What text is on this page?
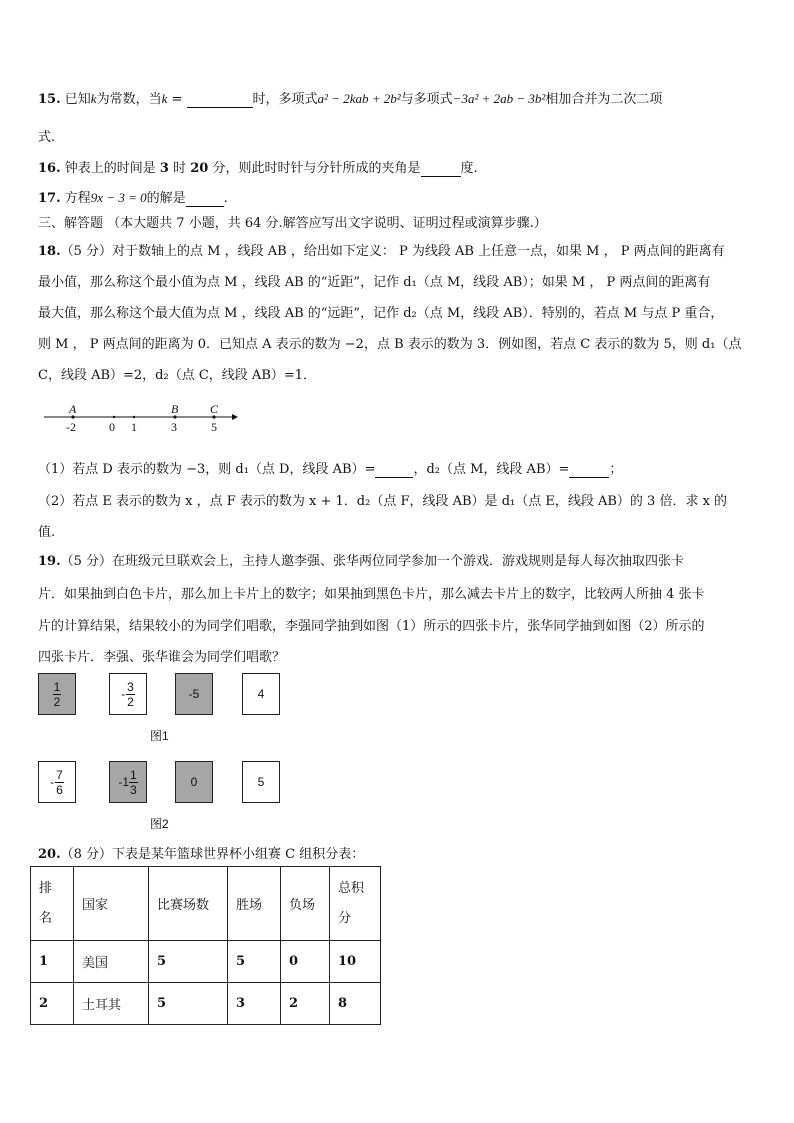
15. 已知k为常数，当k =	时，多项式a² − 2kab + 2b²与多项式−3a² + 2ab − 3b²相加合并为二次二项
式.
16. 钟表上的时间是 3 时 20 分，则此时时针与分针所成的夹角是	度.
17. 方程9x − 3 = 0的解是	.
三、解答题 （本大题共 7 小题，共 64 分.解答应写出文字说明、证明过程或演算步骤.）
18.（5 分）对于数轴上的点 M ，线段 AB ，给出如下定义： P 为线段 AB 上任意一点，如果 M ， P 两点间的距离有
最小值，那么称这个最小值为点 M ，线段 AB 的“近距”，记作 d₁（点 M，线段 AB）；如果 M ， P 两点间的距离有
最大值，那么称这个最大值为点 M ，线段 AB 的“远距”，记作 d₂（点 M，线段 AB）．特别的，若点 M 与点 P 重合，
则 M ， P 两点间的距离为 0．已知点 A 表示的数为 −2，点 B 表示的数为 3．例如图，若点 C 表示的数为 5，则 d₁（点
C，线段 AB）=2，d₂（点 C，线段 AB）=1．
A	B	C
-2	0 1	3	5
（1）若点 D 表示的数为 −3，则 d₁（点 D，线段 AB）=	，d₂（点 M，线段 AB）=	；
（2）若点 E 表示的数为 x ，点 F 表示的数为 x + 1．d₂（点 F，线段 AB）是 d₁（点 E，线段 AB）的 3 倍．求 x 的
值.
19.（5 分）在班级元旦联欢会上，主持人邀李强、张华两位同学参加一个游戏．游戏规则是每人每次抽取四张卡
片．如果抽到白色卡片，那么加上卡片上的数字；如果抽到黑色卡片，那么减去卡片上的数字，比较两人所抽 4 张卡
片的计算结果，结果较小的为同学们唱歌，李强同学抽到如图（1）所示的四张卡片，张华同学抽到如图（2）所示的
四张卡片．李强、张华谁会为同学们唱歌？
$\frac{1}{2}$	- $\frac{3}{2}$	-5	4
图1
- $\frac{7}{6}$	- $1 \frac{1}{3}$	0	5
图2
20.（8 分）下表是某年篮球世界杯小组赛 C 组积分表：
排名	国家	比赛场数	胜场	负场	总积分
1	美国	5	5	0	10
2	土耳其	5	3	2	8
